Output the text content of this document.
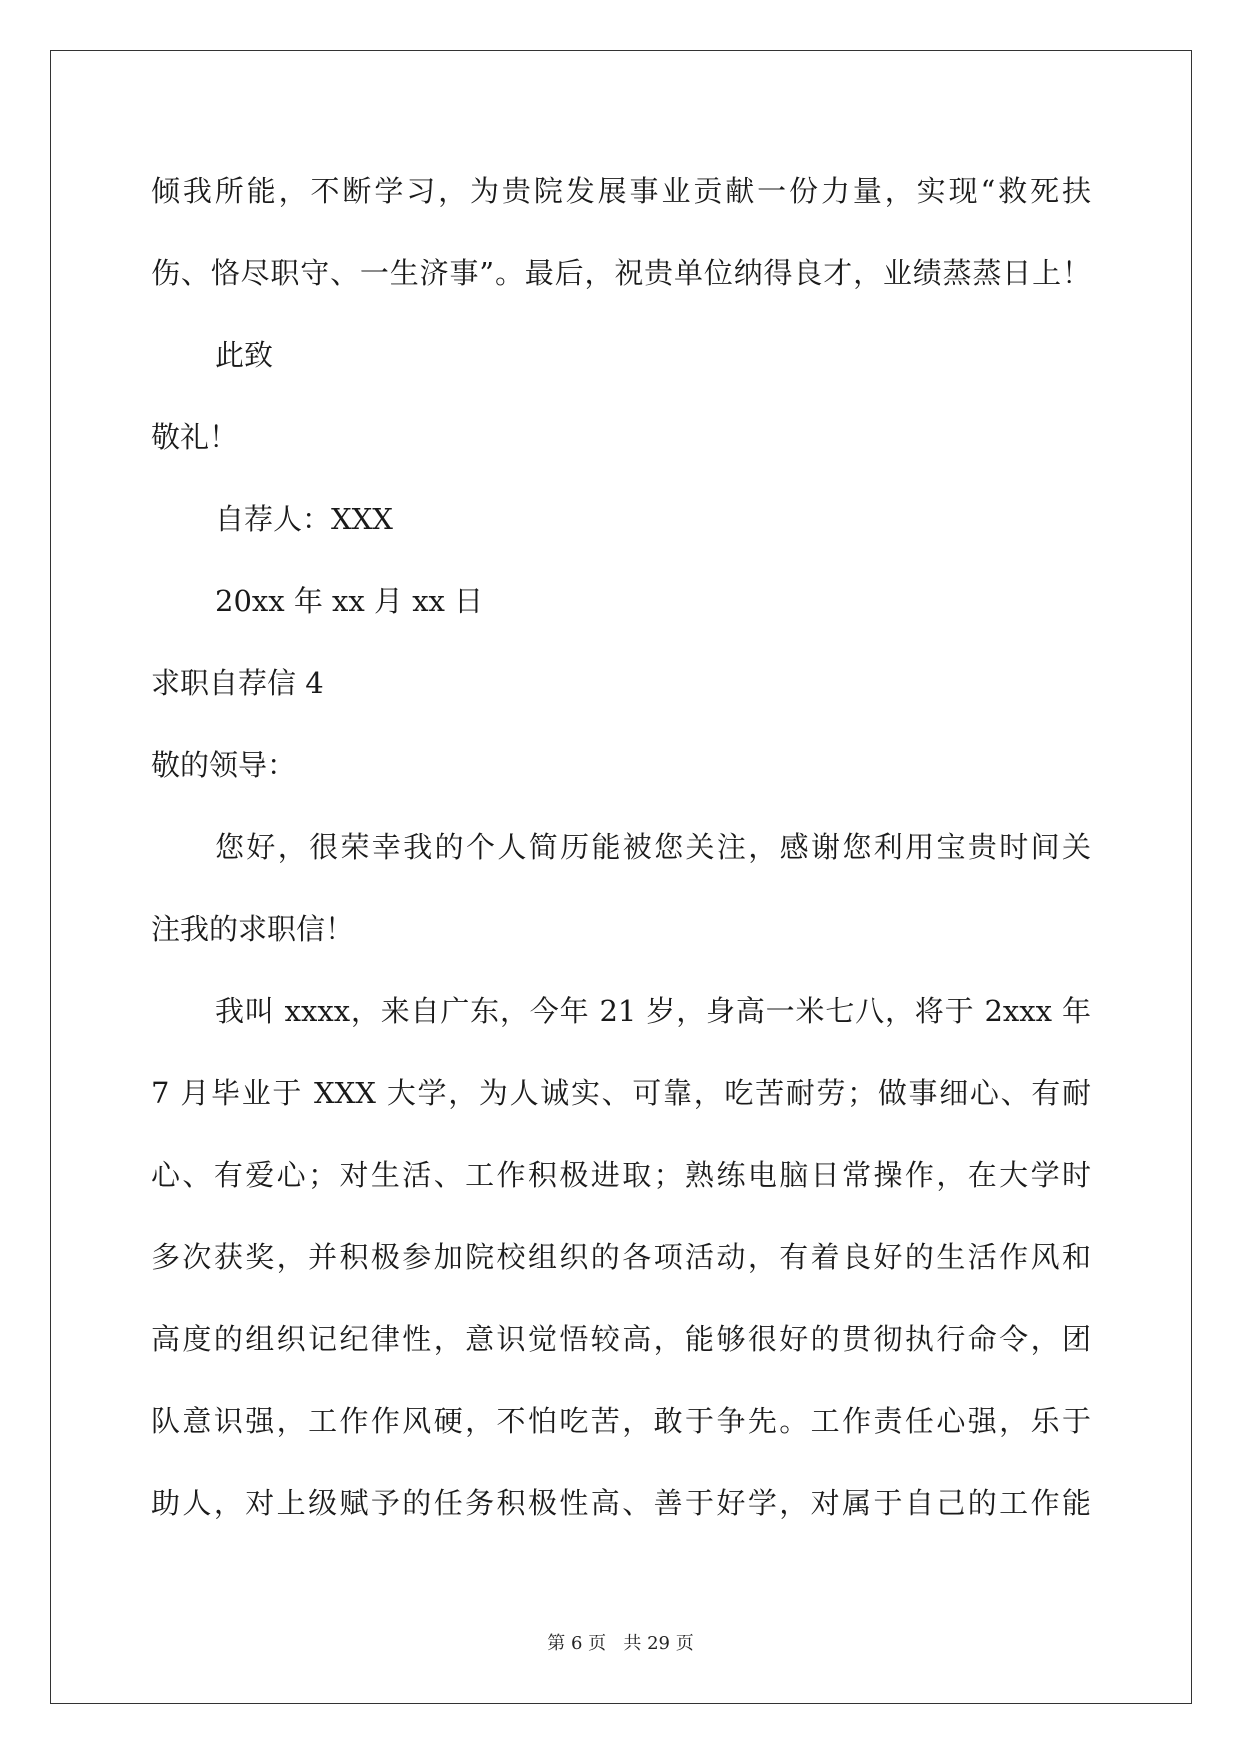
倾我所能，不断学习，为贵院发展事业贡献一份力量，实现“救死扶

伤、恪尽职守、一生济事”。最后，祝贵单位纳得良才，业绩蒸蒸日上！

此致

敬礼！

自荐人：XXX

20xx 年 xx 月 xx 日

求职自荐信 4

敬的领导：

您好，很荣幸我的个人简历能被您关注，感谢您利用宝贵时间关

注我的求职信！

我叫 xxxx，来自广东，今年 21 岁，身高一米七八，将于 2xxx 年

7 月毕业于 XXX 大学，为人诚实、可靠，吃苦耐劳；做事细心、有耐

心、有爱心；对生活、工作积极进取；熟练电脑日常操作，在大学时

多次获奖，并积极参加院校组织的各项活动，有着良好的生活作风和

高度的组织记纪律性，意识觉悟较高，能够很好的贯彻执行命令，团

队意识强，工作作风硬，不怕吃苦，敢于争先。工作责任心强，乐于

助人，对上级赋予的任务积极性高、善于好学，对属于自己的工作能

第 6 页 共 29 页
